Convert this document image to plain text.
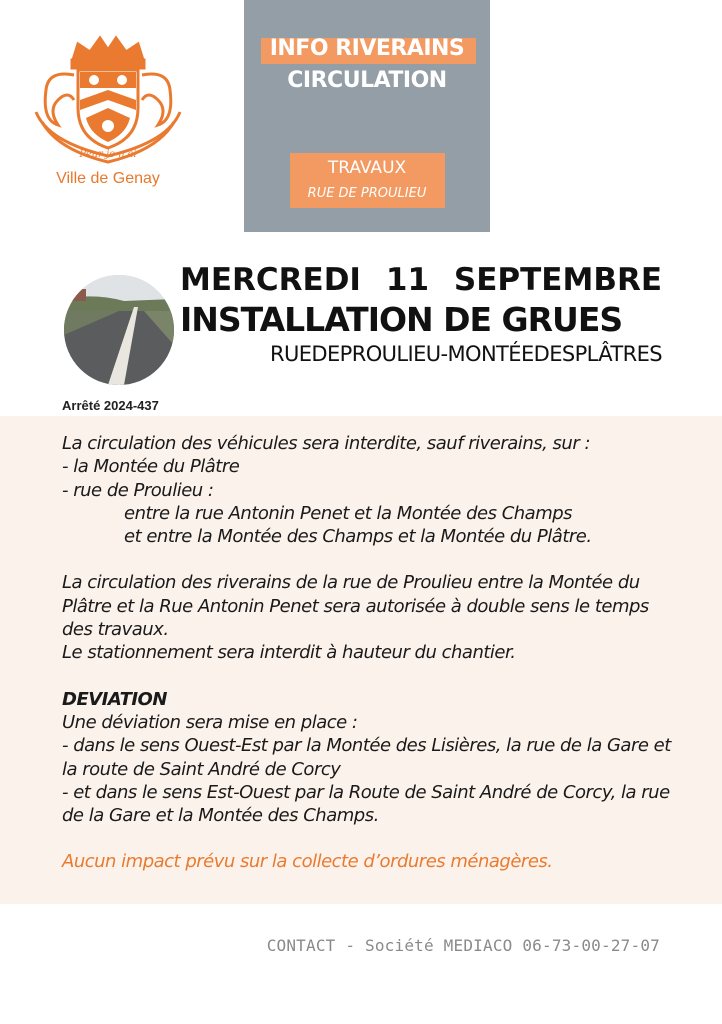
Peur je n'ai
Ville de Genay
INFO RIVERAINS
CIRCULATION
TRAVAUX
RUE DE PROULIEU
MERCREDI 11 SEPTEMBRE
INSTALLATION DE GRUES
RUEDEPROULIEU-MONTÉEDESPLÂTRES
Arrêté 2024-437

La circulation des véhicules sera interdite, sauf riverains, sur :

- la Montée du Plâtre

- rue de Proulieu :

entre la rue Antonin Penet et la Montée des Champs

et entre la Montée des Champs et la Montée du Plâtre.

La circulation des riverains de la rue de Proulieu entre la Montée du Plâtre et la Rue Antonin Penet sera autorisée à double sens le temps des travaux.

Le stationnement sera interdit à hauteur du chantier.

DEVIATION

Une déviation sera mise en place :

- dans le sens Ouest-Est par la Montée des Lisières, la rue de la Gare et la route de Saint André de Corcy

- et dans le sens Est-Ouest par la Route de Saint André de Corcy, la rue de la Gare et la Montée des Champs.

Aucun impact prévu sur la collecte d’ordures ménagères.

CONTACT - Société MEDIACO 06-73-00-27-07
